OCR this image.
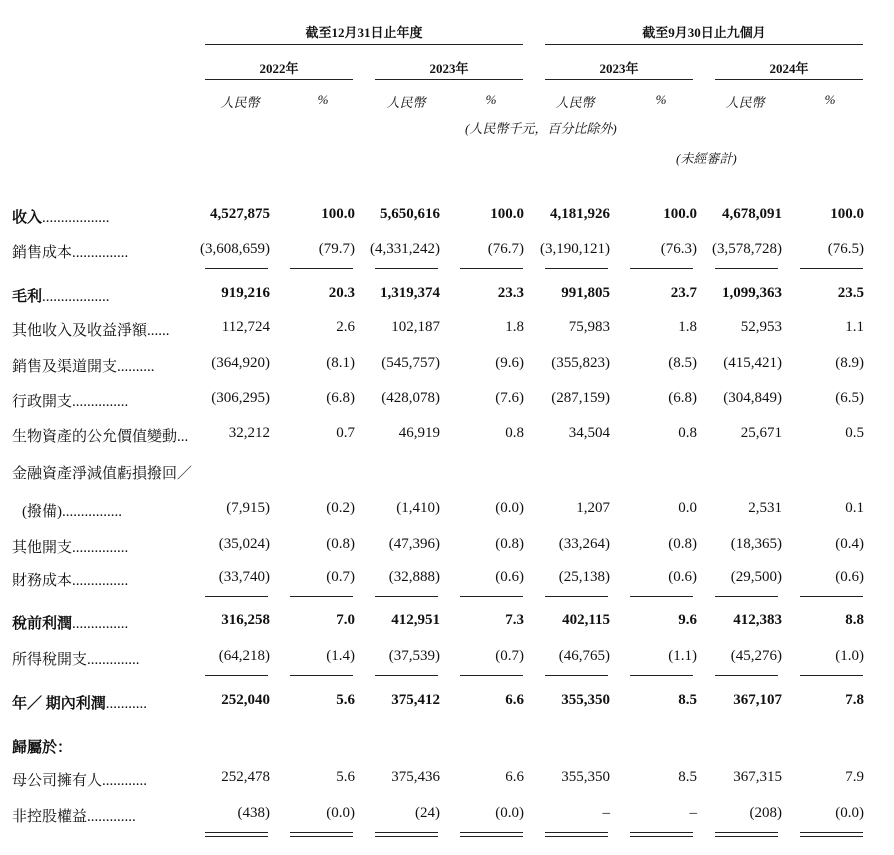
截至12月31日止年度	截至9月30日止九個月
2022年	2023年	2023年	2024年
人民幣	%	人民幣	%	人民幣	%	人民幣	%
(人民幣千元，百分比除外)
(未經審計)
收入..................	4,527,875	100.0	5,650,616	100.0	4,181,926	100.0	4,678,091	100.0
銷售成本...............	(3,608,659)	(79.7)	(4,331,242)	(76.7)	(3,190,121)	(76.3)	(3,578,728)	(76.5)
毛利..................	919,216	20.3	1,319,374	23.3	991,805	23.7	1,099,363	23.5
其他收入及收益淨額......	112,724	2.6	102,187	1.8	75,983	1.8	52,953	1.1
銷售及渠道開支..........	(364,920)	(8.1)	(545,757)	(9.6)	(355,823)	(8.5)	(415,421)	(8.9)
行政開支...............	(306,295)	(6.8)	(428,078)	(7.6)	(287,159)	(6.8)	(304,849)	(6.5)
生物資產的公允價值變動...	32,212	0.7	46,919	0.8	34,504	0.8	25,671	0.5
金融資產淨減值虧損撥回／
(撥備)................	(7,915)	(0.2)	(1,410)	(0.0)	1,207	0.0	2,531	0.1
其他開支...............	(35,024)	(0.8)	(47,396)	(0.8)	(33,264)	(0.8)	(18,365)	(0.4)
財務成本...............	(33,740)	(0.7)	(32,888)	(0.6)	(25,138)	(0.6)	(29,500)	(0.6)
稅前利潤...............	316,258	7.0	412,951	7.3	402,115	9.6	412,383	8.8
所得稅開支..............	(64,218)	(1.4)	(37,539)	(0.7)	(46,765)	(1.1)	(45,276)	(1.0)
年／ 期內利潤...........	252,040	5.6	375,412	6.6	355,350	8.5	367,107	7.8
歸屬於：
母公司擁有人............	252,478	5.6	375,436	6.6	355,350	8.5	367,315	7.9
非控股權益.............	(438)	(0.0)	(24)	(0.0)	–	–	(208)	(0.0)
